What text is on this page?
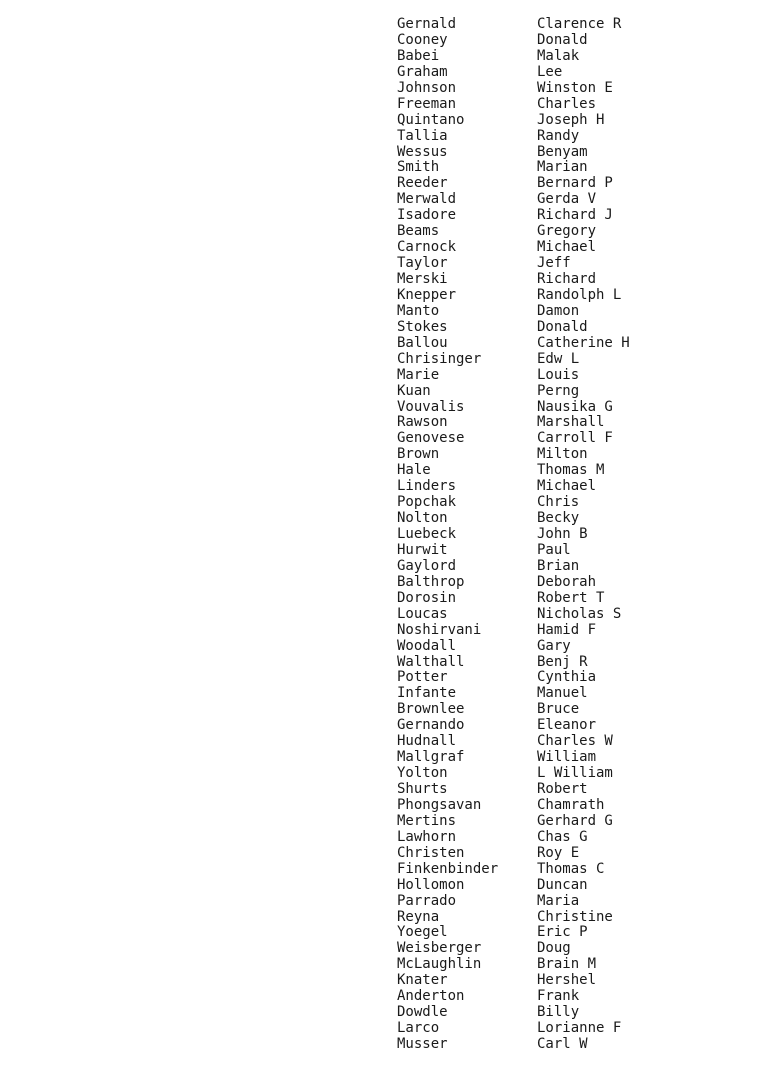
Gernald	Clarence R
Cooney	Donald
Babei	Malak
Graham	Lee
Johnson	Winston E
Freeman	Charles
Quintano	Joseph H
Tallia	Randy
Wessus	Benyam
Smith	Marian
Reeder	Bernard P
Merwald	Gerda V
Isadore	Richard J
Beams	Gregory
Carnock	Michael
Taylor	Jeff
Merski	Richard
Knepper	Randolph L
Manto	Damon
Stokes	Donald
Ballou	Catherine H
Chrisinger	Edw L
Marie	Louis
Kuan	Perng
Vouvalis	Nausika G
Rawson	Marshall
Genovese	Carroll F
Brown	Milton
Hale	Thomas M
Linders	Michael
Popchak	Chris
Nolton	Becky
Luebeck	John B
Hurwit	Paul
Gaylord	Brian
Balthrop	Deborah
Dorosin	Robert T
Loucas	Nicholas S
Noshirvani	Hamid F
Woodall	Gary
Walthall	Benj R
Potter	Cynthia
Infante	Manuel
Brownlee	Bruce
Gernando	Eleanor
Hudnall	Charles W
Mallgraf	William
Yolton	L William
Shurts	Robert
Phongsavan	Chamrath
Mertins	Gerhard G
Lawhorn	Chas G
Christen	Roy E
Finkenbinder	Thomas C
Hollomon	Duncan
Parrado	Maria
Reyna	Christine
Yoegel	Eric P
Weisberger	Doug
McLaughlin	Brain M
Knater	Hershel
Anderton	Frank
Dowdle	Billy
Larco	Lorianne F
Musser	Carl W
